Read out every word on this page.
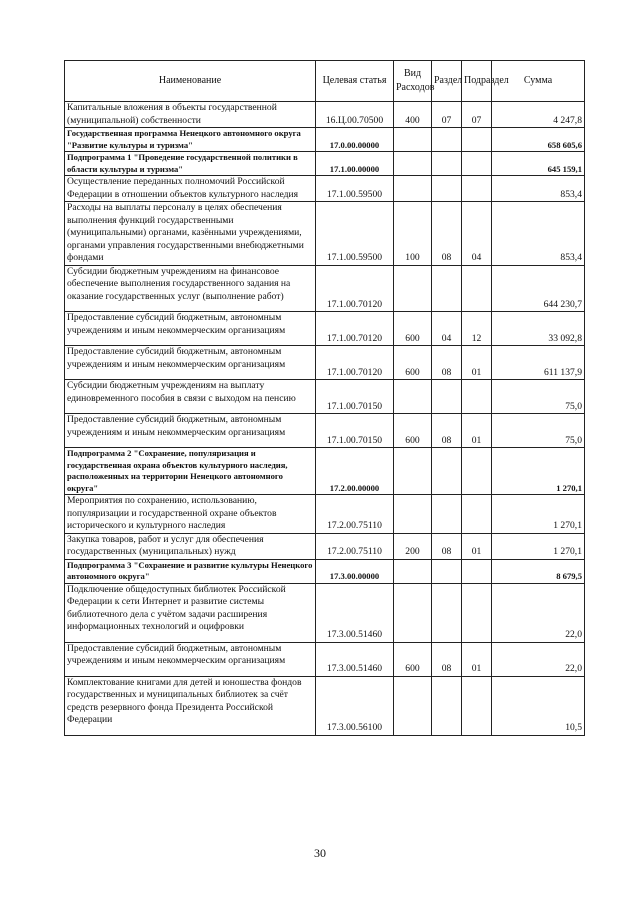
Наименование	Целевая статья	Вид Расходов	Раздел	Подраздел	Сумма
Капитальные вложения в объекты государственной (муниципальной) собственности	16.Ц.00.70500	400	07	07	4 247,8
Государственная программа Ненецкого автономного округа "Развитие культуры и туризма"	17.0.00.00000				658 605,6
Подпрограмма 1 "Проведение государственной политики в области культуры и туризма"	17.1.00.00000				645 159,1
Осуществление переданных полномочий Российской Федерации в отношении объектов культурного наследия	17.1.00.59500				853,4
Расходы на выплаты персоналу в целях обеспечения выполнения функций государственными (муниципальными) органами, казёнными учреждениями, органами управления государственными внебюджетными фондами	17.1.00.59500	100	08	04	853,4
Субсидии бюджетным учреждениям на финансовое обеспечение выполнения государственного задания на оказание государственных услуг (выполнение работ)	17.1.00.70120				644 230,7
Предоставление субсидий бюджетным, автономным учреждениям и иным некоммерческим организациям	17.1.00.70120	600	04	12	33 092,8
Предоставление субсидий бюджетным, автономным учреждениям и иным некоммерческим организациям	17.1.00.70120	600	08	01	611 137,9
Субсидии бюджетным учреждениям на выплату единовременного пособия в связи с выходом на пенсию	17.1.00.70150				75,0
Предоставление субсидий бюджетным, автономным учреждениям и иным некоммерческим организациям	17.1.00.70150	600	08	01	75,0
Подпрограмма 2 "Сохранение, популяризация и государственная охрана объектов культурного наследия, расположенных на территории Ненецкого автономного округа"	17.2.00.00000				1 270,1
Мероприятия по сохранению, использованию, популяризации и государственной охране объектов исторического и культурного наследия	17.2.00.75110				1 270,1
Закупка товаров, работ и услуг для обеспечения государственных (муниципальных) нужд	17.2.00.75110	200	08	01	1 270,1
Подпрограмма 3 "Сохранение и развитие культуры Ненецкого автономного округа"	17.3.00.00000				8 679,5
Подключение общедоступных библиотек Российской Федерации к сети Интернет и развитие системы библиотечного дела с учётом задачи расширения информационных технологий и оцифровки	17.3.00.51460				22,0
Предоставление субсидий бюджетным, автономным учреждениям и иным некоммерческим организациям	17.3.00.51460	600	08	01	22,0
Комплектование книгами для детей и юношества фондов государственных и муниципальных библиотек за счёт средств резервного фонда Президента Российской Федерации	17.3.00.56100				10,5
30
